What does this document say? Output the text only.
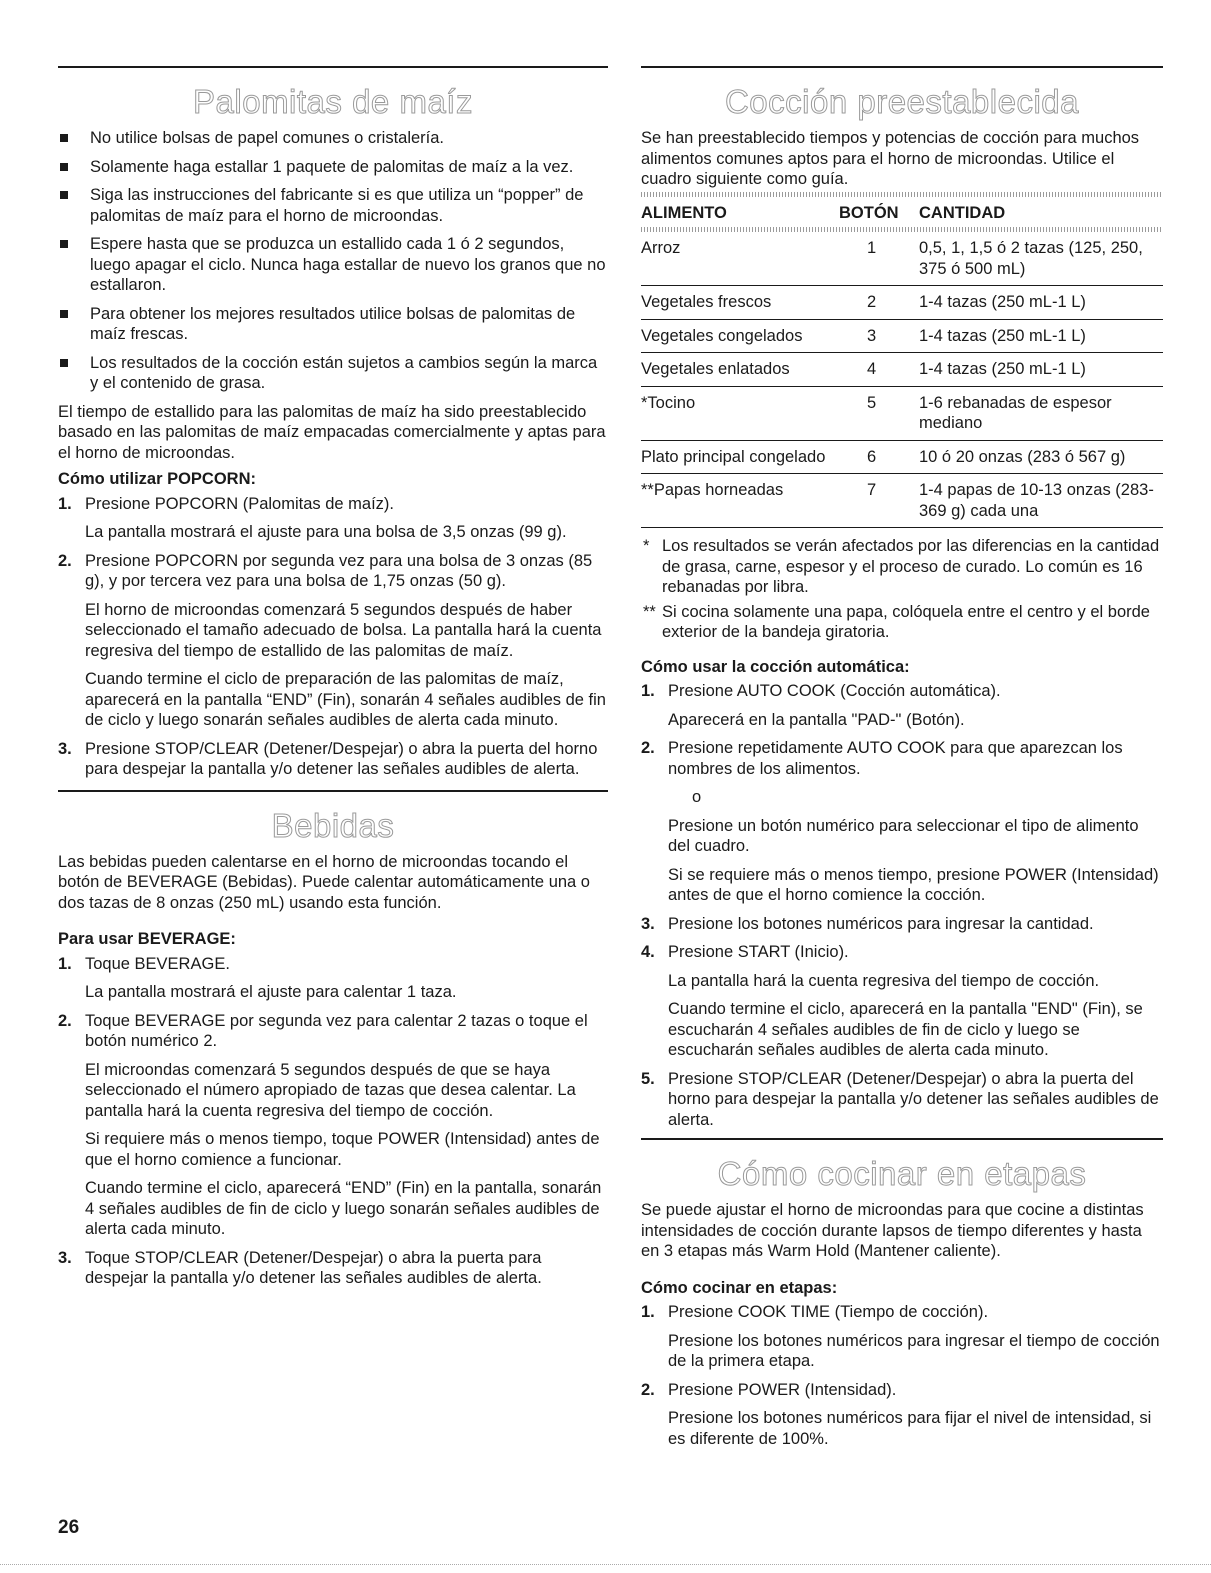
Palomitas de maíz
No utilice bolsas de papel comunes o cristalería.
Solamente haga estallar 1 paquete de palomitas de maíz a la vez.
Siga las instrucciones del fabricante si es que utiliza un “popper” de palomitas de maíz para el horno de microondas.
Espere hasta que se produzca un estallido cada 1 ó 2 segundos, luego apagar el ciclo. Nunca haga estallar de nuevo los granos que no estallaron.
Para obtener los mejores resultados utilice bolsas de palomitas de maíz frescas.
Los resultados de la cocción están sujetos a cambios según la marca y el contenido de grasa.

El tiempo de estallido para las palomitas de maíz ha sido preestablecido basado en las palomitas de maíz empacadas comercialmente y aptas para el horno de microondas.

Cómo utilizar POPCORN:
1. Presione POPCORN (Palomitas de maíz).

La pantalla mostrará el ajuste para una bolsa de 3,5 onzas (99 g).

2. Presione POPCORN por segunda vez para una bolsa de 3 onzas (85 g), y por tercera vez para una bolsa de 1,75 onzas (50 g).

El horno de microondas comenzará 5 segundos después de haber seleccionado el tamaño adecuado de bolsa. La pantalla hará la cuenta regresiva del tiempo de estallido de las palomitas de maíz.

Cuando termine el ciclo de preparación de las palomitas de maíz, aparecerá en la pantalla “END” (Fin), sonarán 4 señales audibles de fin de ciclo y luego sonarán señales audibles de alerta cada minuto.

3. Presione STOP/CLEAR (Detener/Despejar) o abra la puerta del horno para despejar la pantalla y/o detener las señales audibles de alerta.

Bebidas

Las bebidas pueden calentarse en el horno de microondas tocando el botón de BEVERAGE (Bebidas). Puede calentar automáticamente una o dos tazas de 8 onzas (250 mL) usando esta función.

Para usar BEVERAGE:
1. Toque BEVERAGE.

La pantalla mostrará el ajuste para calentar 1 taza.

2. Toque BEVERAGE por segunda vez para calentar 2 tazas o toque el botón numérico 2.

El microondas comenzará 5 segundos después de que se haya seleccionado el número apropiado de tazas que desea calentar. La pantalla hará la cuenta regresiva del tiempo de cocción.

Si requiere más o menos tiempo, toque POWER (Intensidad) antes de que el horno comience a funcionar.

Cuando termine el ciclo, aparecerá “END” (Fin) en la pantalla, sonarán 4 señales audibles de fin de ciclo y luego sonarán señales audibles de alerta cada minuto.

3. Toque STOP/CLEAR (Detener/Despejar) o abra la puerta para despejar la pantalla y/o detener las señales audibles de alerta.

Cocción preestablecida

Se han preestablecido tiempos y potencias de cocción para muchos alimentos comunes aptos para el horno de microondas. Utilice el cuadro siguiente como guía.

ALIMENTO	BOTÓN	CANTIDAD

Arroz	1	0,5, 1, 1,5 ó 2 tazas (125, 250, 375 ó 500 mL)
Vegetales frescos	2	1-4 tazas (250 mL-1 L)
Vegetales congelados	3	1-4 tazas (250 mL-1 L)
Vegetales enlatados	4	1-4 tazas (250 mL-1 L)
*Tocino	5	1-6 rebanadas de espesor mediano
Plato principal congelado	6	10 ó 20 onzas (283 ó 567 g)
**Papas horneadas	7	1-4 papas de 10-13 onzas (283-369 g) cada una
* Los resultados se verán afectados por las diferencias en la cantidad de grasa, carne, espesor y el proceso de curado. Lo común es 16 rebanadas por libra.
** Si cocina solamente una papa, colóquela entre el centro y el borde exterior de la bandeja giratoria.
Cómo usar la cocción automática:
1. Presione AUTO COOK (Cocción automática).

Aparecerá en la pantalla "PAD-" (Botón).

2. Presione repetidamente AUTO COOK para que aparezcan los nombres de los alimentos.

o

Presione un botón numérico para seleccionar el tipo de alimento del cuadro.

Si se requiere más o menos tiempo, presione POWER (Intensidad) antes de que el horno comience la cocción.

3. Presione los botones numéricos para ingresar la cantidad.

4. Presione START (Inicio).

La pantalla hará la cuenta regresiva del tiempo de cocción.

Cuando termine el ciclo, aparecerá en la pantalla "END" (Fin), se escucharán 4 señales audibles de fin de ciclo y luego se escucharán señales audibles de alerta cada minuto.

5. Presione STOP/CLEAR (Detener/Despejar) o abra la puerta del horno para despejar la pantalla y/o detener las señales audibles de alerta.

Cómo cocinar en etapas

Se puede ajustar el horno de microondas para que cocine a distintas intensidades de cocción durante lapsos de tiempo diferentes y hasta en 3 etapas más Warm Hold (Mantener caliente).

Cómo cocinar en etapas:
1. Presione COOK TIME (Tiempo de cocción).

Presione los botones numéricos para ingresar el tiempo de cocción de la primera etapa.

2. Presione POWER (Intensidad).

Presione los botones numéricos para fijar el nivel de intensidad, si es diferente de 100%.

26
